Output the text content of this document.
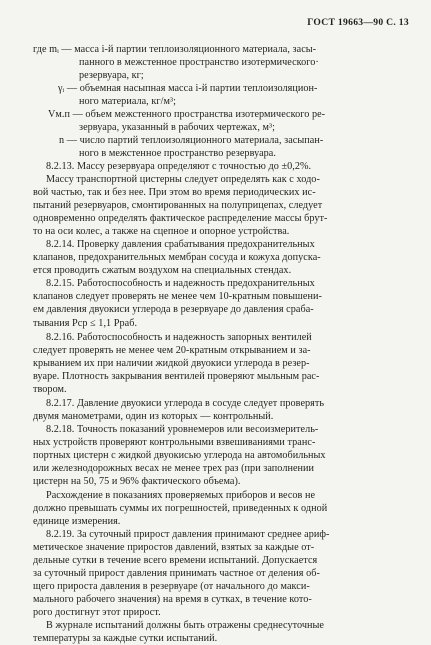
ГОСТ 19663—90 С. 13
где mᵢ — масса i-й партии теплоизоляционного материала, засы-
панного в межстенное пространство изотермического·
резервуара, кг;
γᵢ — объемная насыпная масса i-й партии теплоизоляцион-
ного материала, кг/м³;
Vм.п — объем межстенного пространства изотермического ре-
зервуара, указанный в рабочих чертежах, м³;
n — число партий теплоизоляционного материала, засыпан-
ного в межстенное пространство резервуара.
8.2.13. Массу резервуара определяют с точностью до ±0,2%.
Массу транспортной цистерны следует определять как с ходо-
вой частью, так и без нее. При этом во время периодических ис-
пытаний резервуаров, смонтированных на полуприцепах, следует
одновременно определять фактическое распределение массы брут-
то на оси колес, а также на сцепное и опорное устройства.
8.2.14. Проверку давления срабатывания предохранительных
клапанов, предохранительных мембран сосуда и кожуха допуска-
ется проводить сжатым воздухом на специальных стендах.
8.2.15. Работоспособность и надежность предохранительных
клапанов следует проверять не менее чем 10-кратным повышени-
ем давления двуокиси углерода в резервуаре до давления сраба-
тывания Pср ≤ 1,1 Pраб.
8.2.16. Работоспособность и надежность запорных вентилей
следует проверять не менее чем 20-кратным открыванием и за-
крыванием их при наличии жидкой двуокиси углерода в резер-
вуаре. Плотность закрывания вентилей проверяют мыльным рас-
твором.
8.2.17. Давление двуокиси углерода в сосуде следует проверять
двумя манометрами, один из которых — контрольный.
8.2.18. Точность показаний уровнемеров или весоизмеритель-
ных устройств проверяют контрольными взвешиваниями транс-
портных цистерн с жидкой двуокисью углерода на автомобильных
или железнодорожных весах не менее трех раз (при заполнении
цистерн на 50, 75 и 96% фактического объема).
Расхождение в показаниях проверяемых приборов и весов не
должно превышать суммы их погрешностей, приведенных к одной
единице измерения.
8.2.19. За суточный прирост давления принимают среднее ариф-
метическое значение приростов давлений, взятых за каждые от-
дельные сутки в течение всего времени испытаний. Допускается
за суточный прирост давления принимать частное от деления об-
щего прироста давления в резервуаре (от начального до макси-
мального рабочего значения) на время в сутках, в течение кото-
рого достигнут этот прирост.
В журнале испытаний должны быть отражены среднесуточные
температуры за каждые сутки испытаний.
